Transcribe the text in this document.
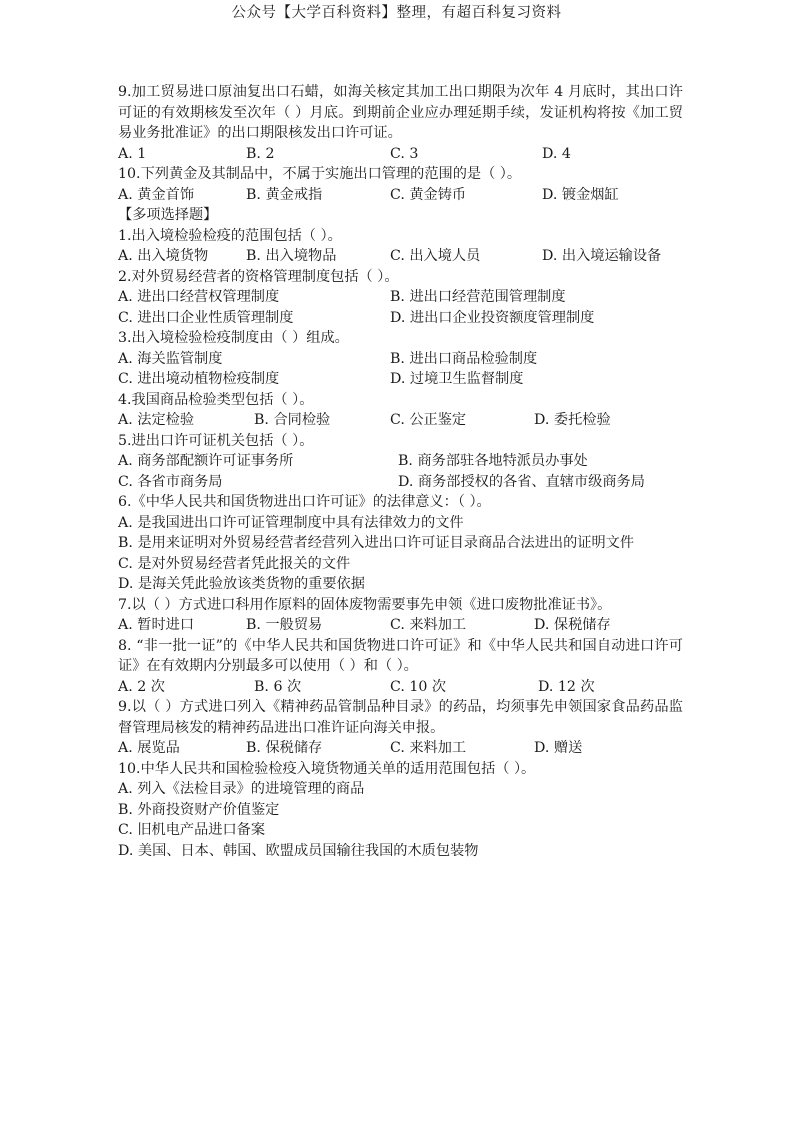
公众号【大学百科资料】整理，有超百科复习资料
9.加工贸易进口原油复出口石蜡，如海关核定其加工出口期限为次年 4 月底时，其出口许可证的有效期核发至次年（ ）月底。到期前企业应办理延期手续，发证机构将按《加工贸易业务批准证》的出口期限核发出口许可证。
A. 1	B. 2	C. 3	D. 4
10.下列黄金及其制品中，不属于实施出口管理的范围的是（ ）。
A. 黄金首饰	B. 黄金戒指	C. 黄金铸币	D. 镀金烟缸
【多项选择题】
1.出入境检验检疫的范围包括（ ）。
A. 出入境货物	B. 出入境物品	C. 出入境人员	D. 出入境运输设备
2.对外贸易经营者的资格管理制度包括（ ）。
A. 进出口经营权管理制度	B. 进出口经营范围管理制度
C. 进出口企业性质管理制度	D. 进出口企业投资额度管理制度
3.出入境检验检疫制度由（ ）组成。
A. 海关监管制度	B. 进出口商品检验制度
C. 进出境动植物检疫制度	D. 过境卫生监督制度
4.我国商品检验类型包括（ ）。
A. 法定检验	B. 合同检验	C. 公正鉴定	D. 委托检验
5.进出口许可证机关包括（ ）。
A. 商务部配额许可证事务所	B. 商务部驻各地特派员办事处
C. 各省市商务局	D. 商务部授权的各省、直辖市级商务局
6.《中华人民共和国货物进出口许可证》的法律意义：（ ）。
A. 是我国进出口许可证管理制度中具有法律效力的文件
B. 是用来证明对外贸易经营者经营列入进出口许可证目录商品合法进出的证明文件
C. 是对外贸易经营者凭此报关的文件
D. 是海关凭此验放该类货物的重要依据
7.以（ ）方式进口科用作原料的固体废物需要事先申领《进口废物批准证书》。
A. 暂时进口	B. 一般贸易	C. 来料加工	D. 保税储存
8. “非一批一证”的《中华人民共和国货物进口许可证》和《中华人民共和国自动进口许可证》在有效期内分别最多可以使用（ ）和（ ）。
A. 2 次	B. 6 次	C. 10 次	D. 12 次
9.以（ ）方式进口列入《精神药品管制品种目录》的药品，均须事先申领国家食品药品监督管理局核发的精神药品进出口准许证向海关申报。
A. 展览品	B. 保税储存	C. 来料加工	D. 赠送
10.中华人民共和国检验检疫入境货物通关单的适用范围包括（ ）。
A. 列入《法检目录》的进境管理的商品
B. 外商投资财产价值鉴定
C. 旧机电产品进口备案
D. 美国、日本、韩国、欧盟成员国输往我国的木质包装物
